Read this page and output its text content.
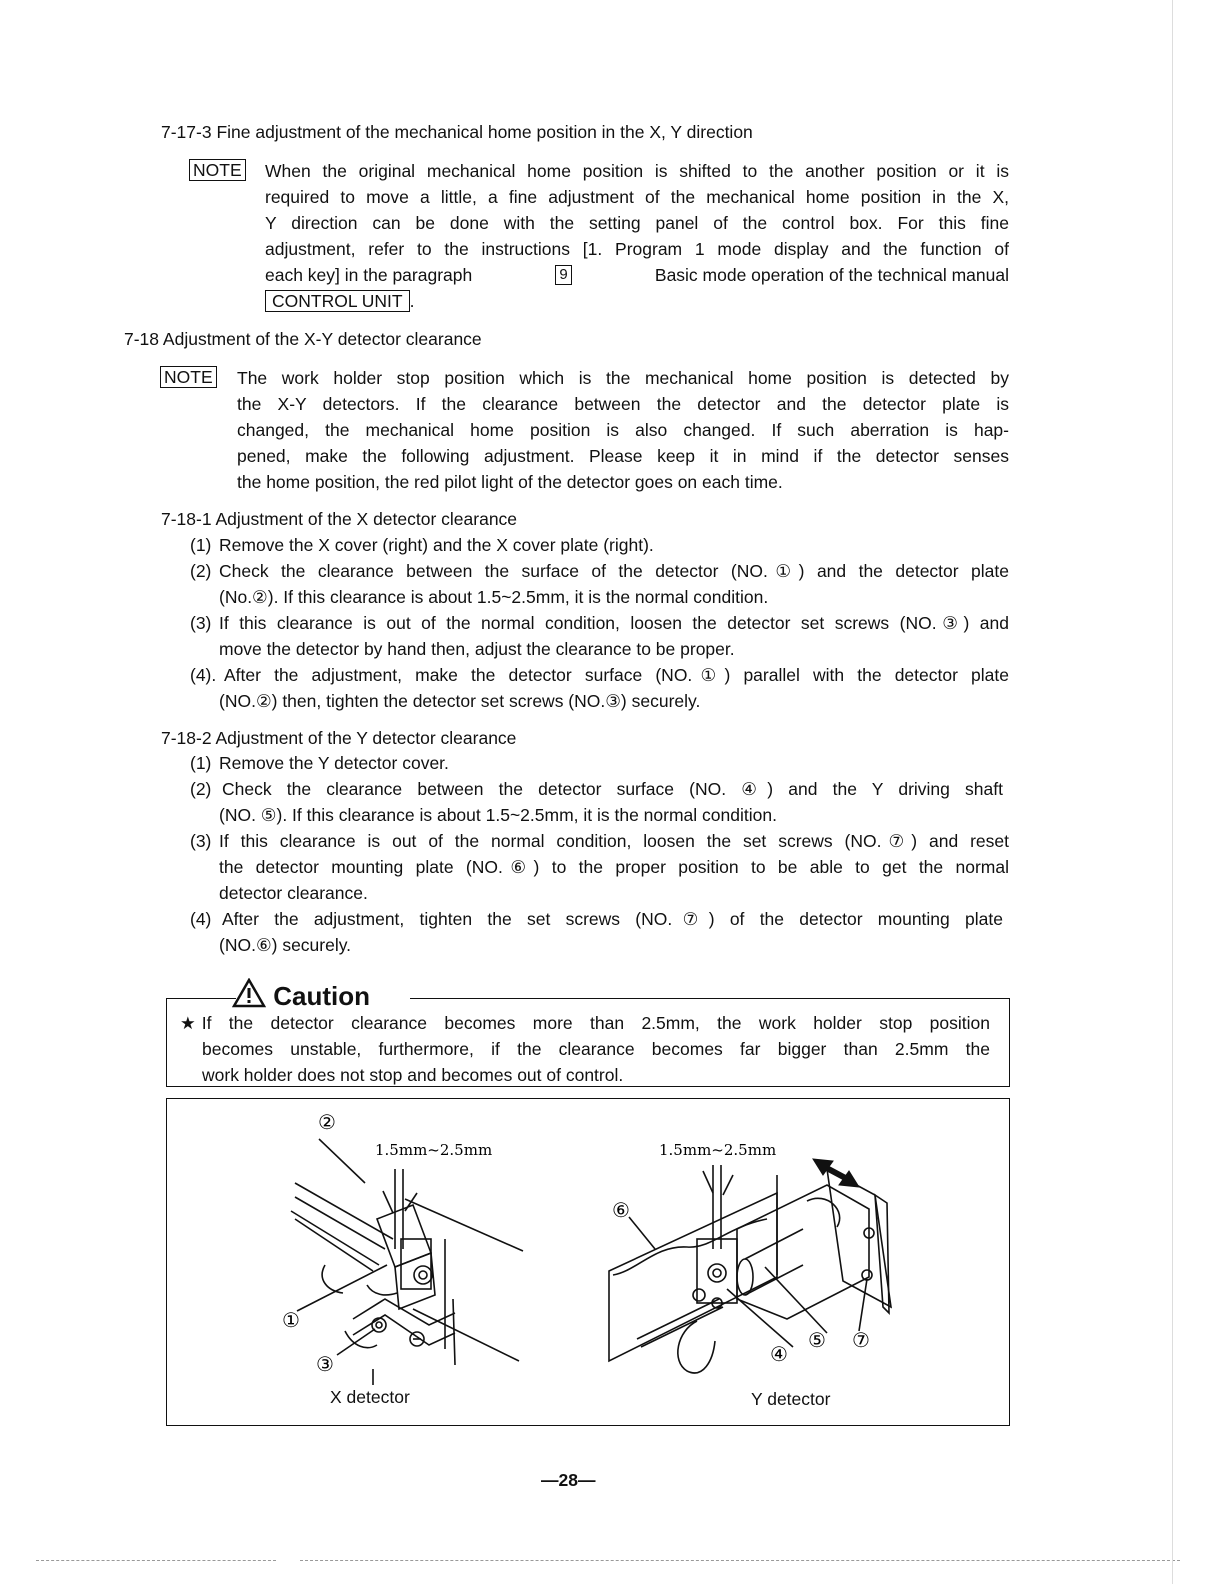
7-17-3 Fine adjustment of the mechanical home position in the X, Y direction
NOTE When the original mechanical home position is shifted to the another position or it is
required to move a little, a fine adjustment of the mechanical home position in the X,
Y direction can be done with the setting panel of the control box. For this fine
adjustment, refer to the instructions [1. Program 1 mode display and the function of
each key] in the paragraph	9	Basic mode operation of the technical manual
CONTROL UNIT .
7-18 Adjustment of the X-Y detector clearance
NOTE The work holder stop position which is the mechanical home position is detected by
the X-Y detectors. If the clearance between the detector and the detector plate is
changed, the mechanical home position is also changed. If such aberration is hap-
pened, make the following adjustment. Please keep it in mind if the detector senses
the home position, the red pilot light of the detector goes on each time.
7-18-1 Adjustment of the X detector clearance
(1) Remove the X cover (right) and the X cover plate (right).
(2) Check the clearance between the surface of the detector (NO.①) and the detector plate
(No.②). If this clearance is about 1.5~2.5mm, it is the normal condition.
(3) If this clearance is out of the normal condition, loosen the detector set screws (NO.③) and
move the detector by hand then, adjust the clearance to be proper.
(4). After the adjustment, make the detector surface (NO.①) parallel with the detector plate
(NO.②) then, tighten the detector set screws (NO.③) securely.
7-18-2 Adjustment of the Y detector clearance
(1) Remove the Y detector cover.
(2) Check the clearance between the detector surface (NO. ④) and the Y driving shaft
(NO. ⑤). If this clearance is about 1.5~2.5mm, it is the normal condition.
(3) If this clearance is out of the normal condition, loosen the set screws (NO.⑦) and reset
the detector mounting plate (NO.⑥) to the proper position to be able to get the normal
detector clearance.
(4) After the adjustment, tighten the set screws (NO.⑦) of the detector mounting plate
(NO.⑥) securely.
Caution
★ If the detector clearance becomes more than 2.5mm, the work holder stop position
becomes unstable, furthermore, if the clearance becomes far bigger than 2.5mm the
work holder does not stop and becomes out of control.
②
①
③
⑥
④
⑤ ⑦
1.5mm~2.5mm	1.5mm~2.5mm
X detector	Y detector
—28—
